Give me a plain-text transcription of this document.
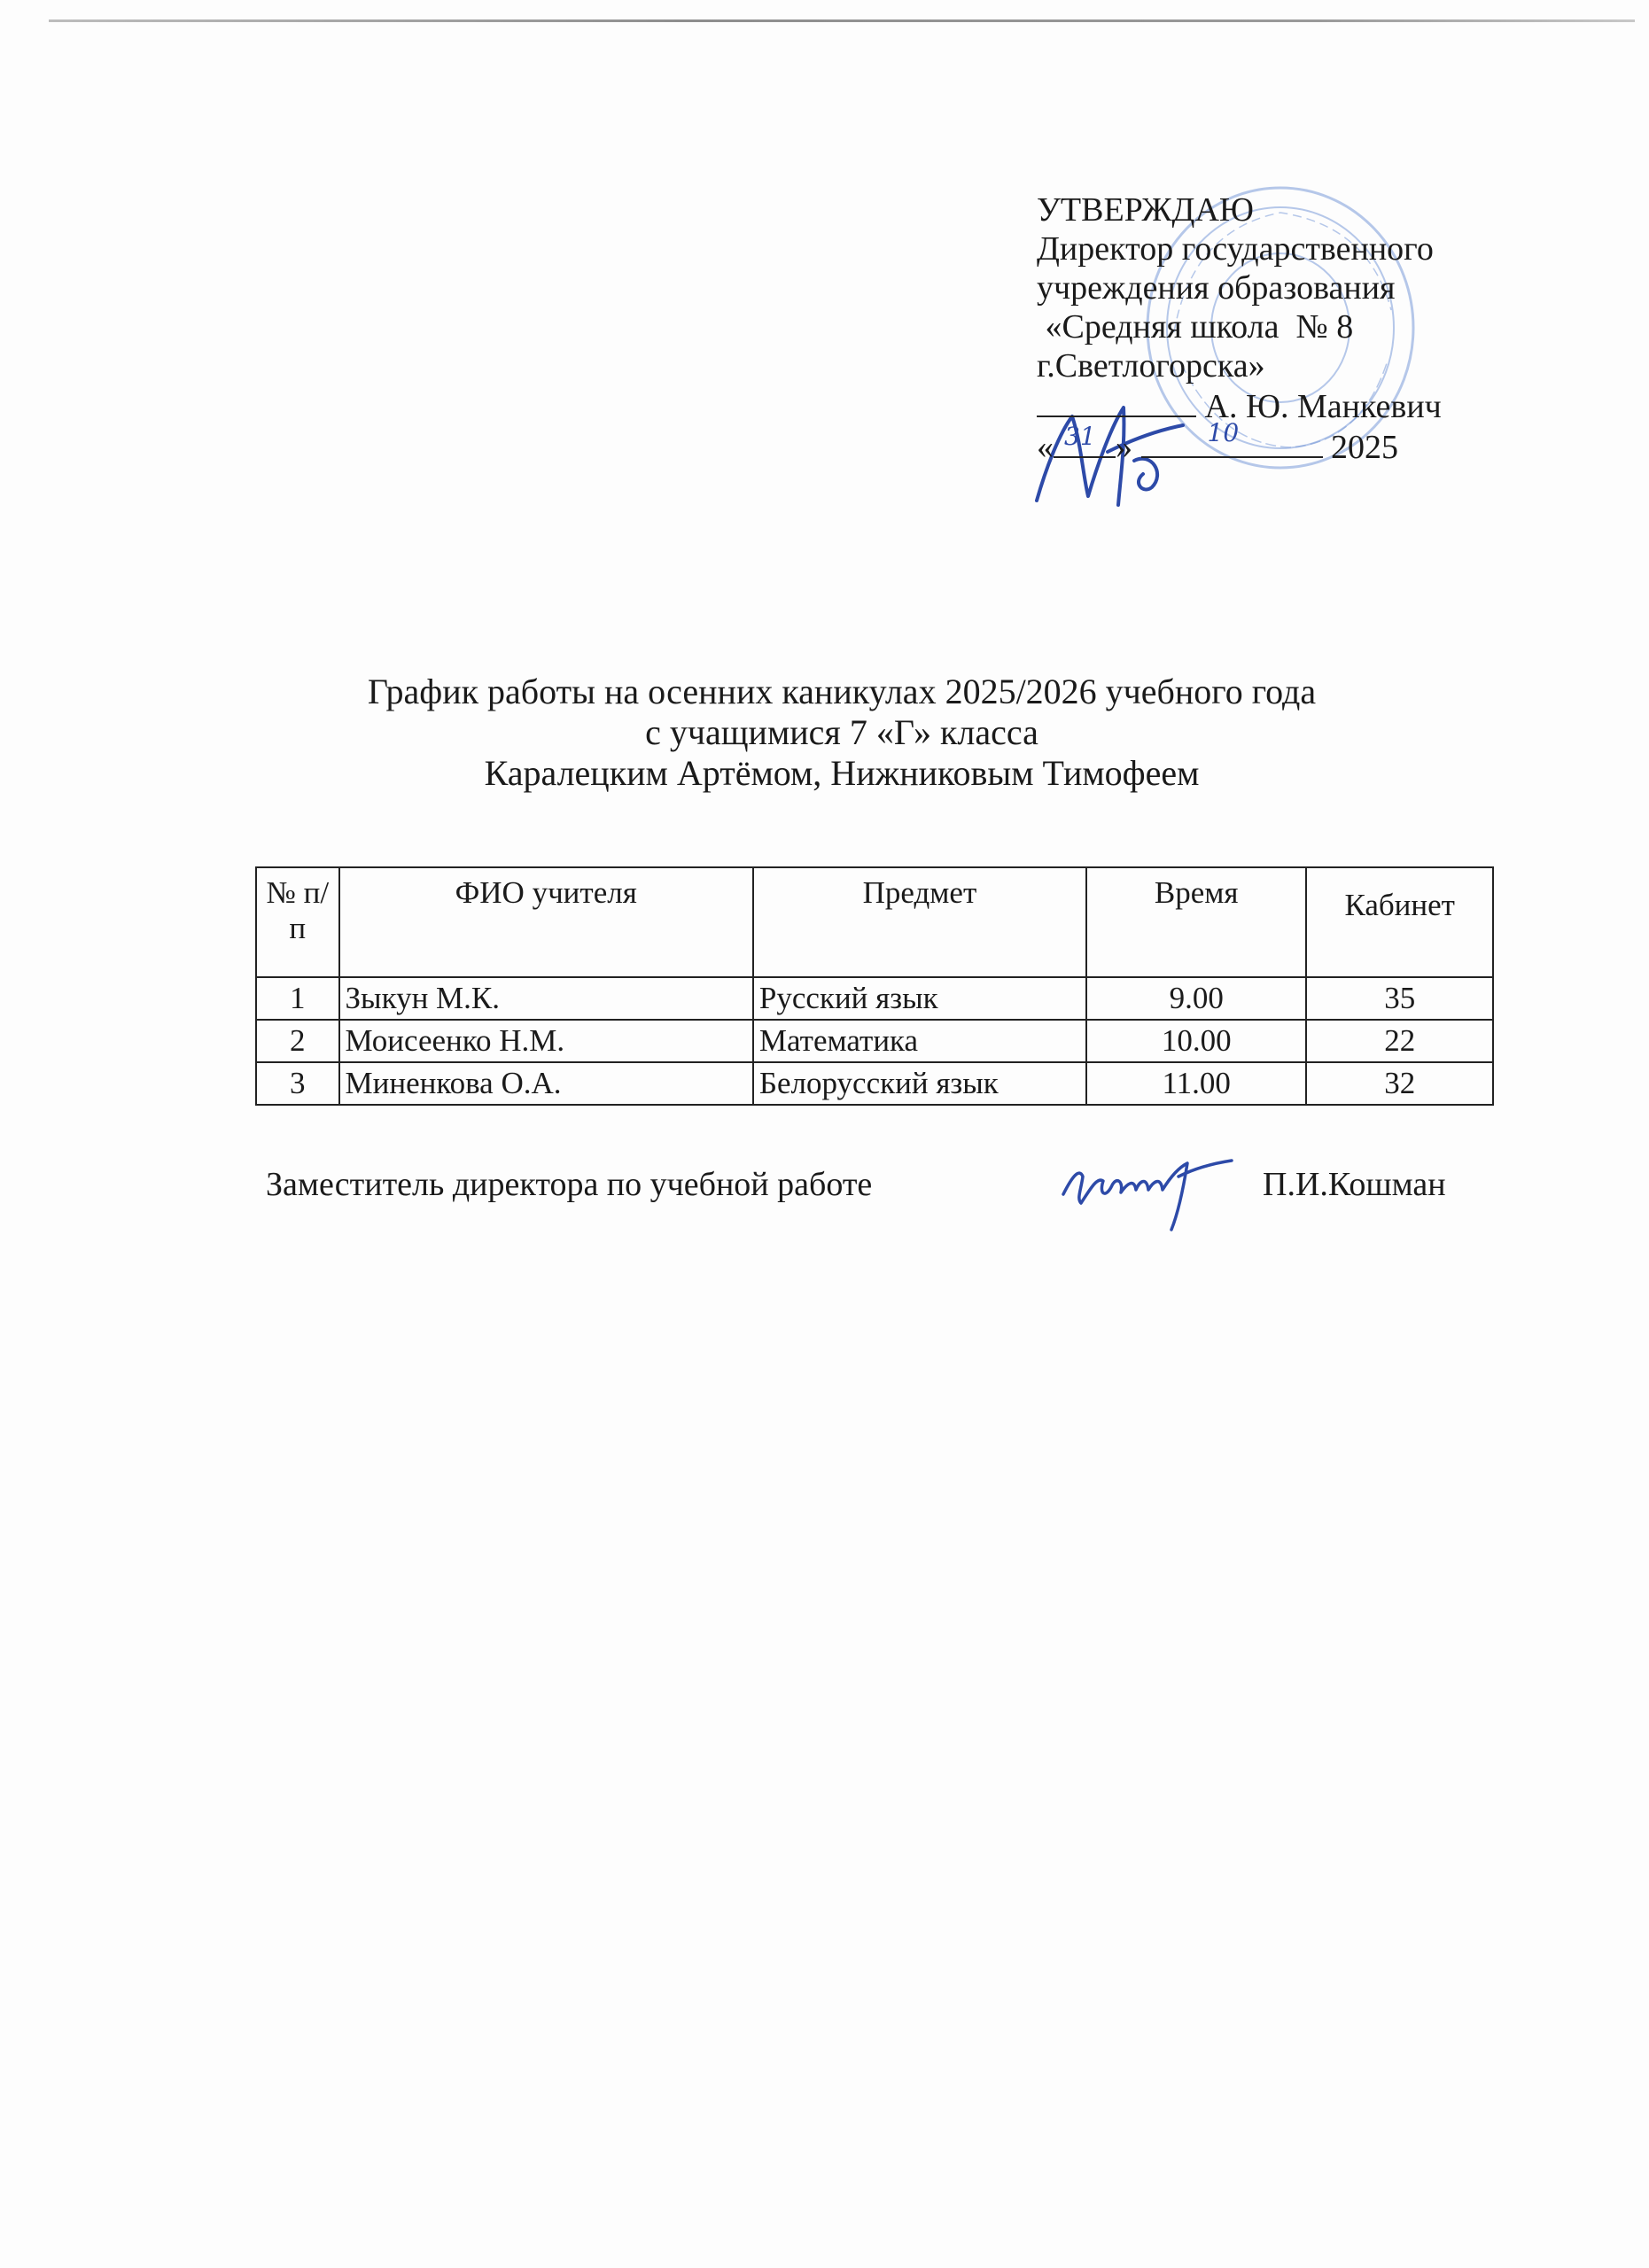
УТВЕРЖДАЮ
Директор государственного
учреждения образования
«Средняя школа  № 8
г.Светлогорска»
А. Ю. Манкевич
« 31 »	10	2025
График работы на осенних каникулах 2025/2026 учебного года
с учащимися 7 «Г» класса
Каралецким Артёмом, Нижниковым Тимофеем
№ п/п	ФИО учителя	Предмет	Время	Кабинет
1	Зыкун М.К.	Русский язык	9.00	35
2	Моисеенко Н.М.	Математика	10.00	22
3	Миненкова О.А.	Белорусский язык	11.00	32
Заместитель директора по учебной работе	П.И.Кошман
